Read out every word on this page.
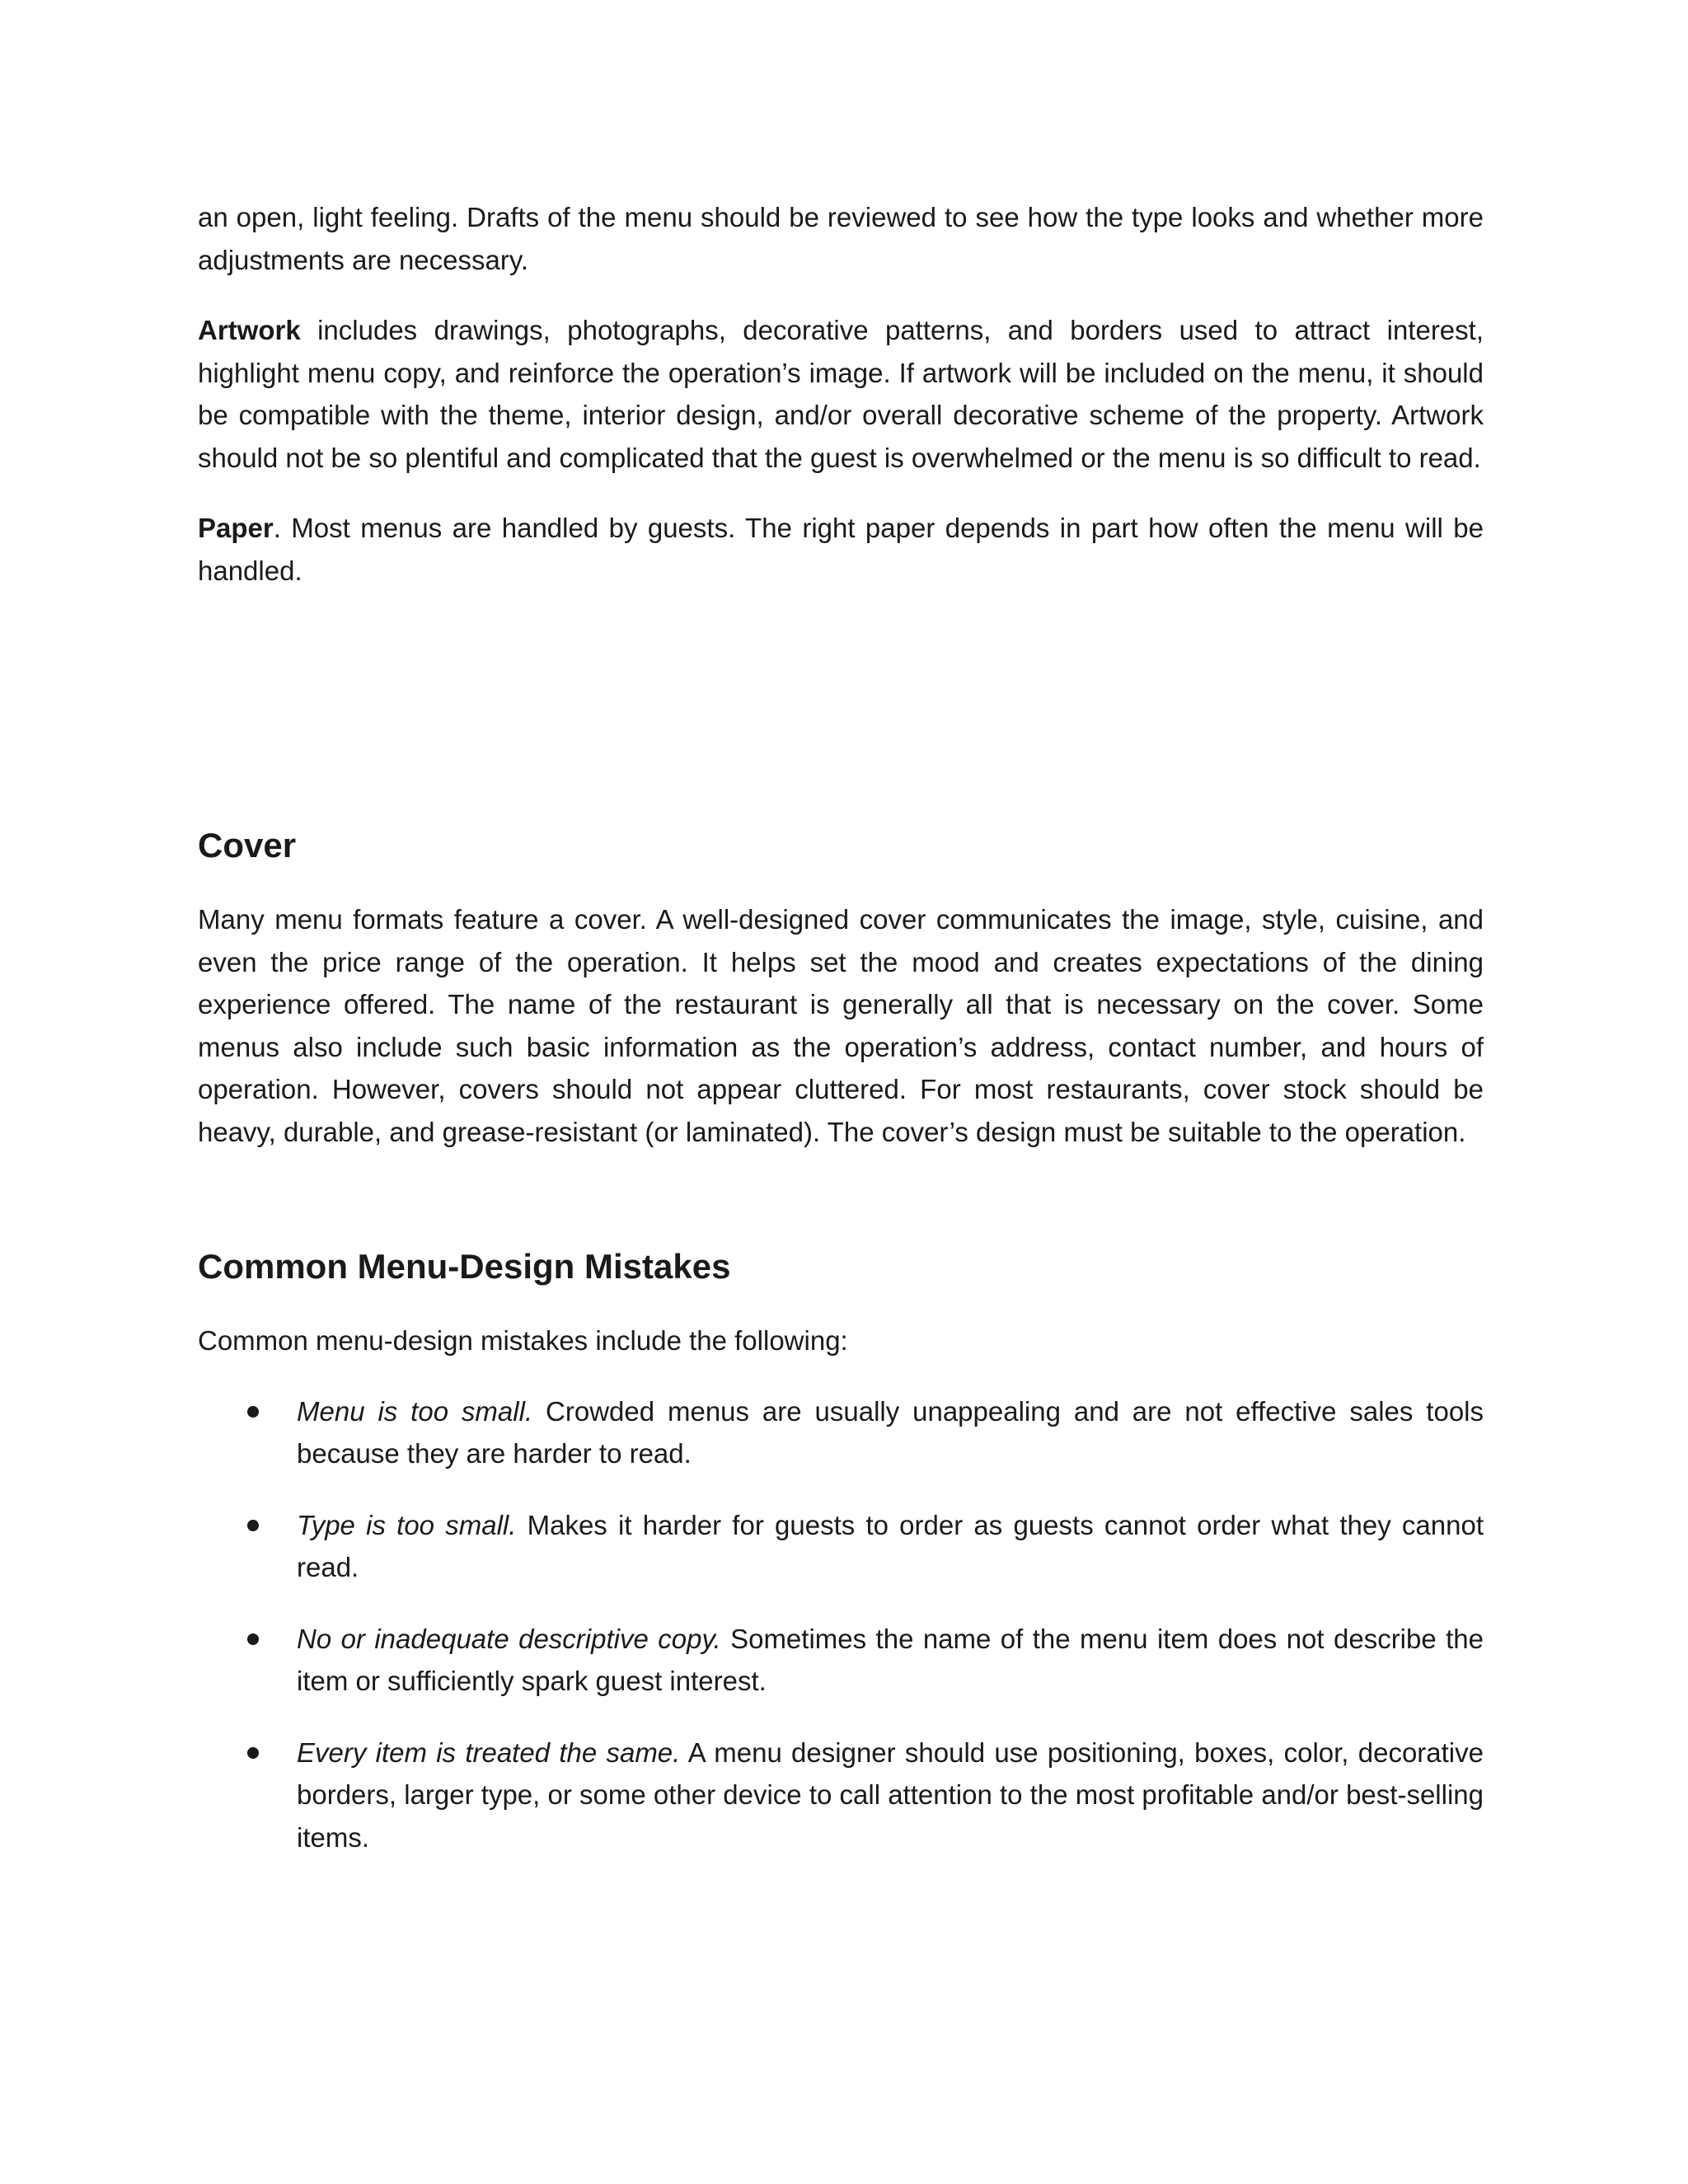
an open, light feeling. Drafts of the menu should be reviewed to see how the type looks and whether more adjustments are necessary.

Artwork includes drawings, photographs, decorative patterns, and borders used to attract interest, highlight menu copy, and reinforce the operation’s image. If artwork will be included on the menu, it should be compatible with the theme, interior design, and/or overall decorative scheme of the property. Artwork should not be so plentiful and complicated that the guest is overwhelmed or the menu is so difficult to read.

Paper. Most menus are handled by guests. The right paper depends in part how often the menu will be handled.

Cover

Many menu formats feature a cover. A well-designed cover communicates the image, style, cuisine, and even the price range of the operation. It helps set the mood and creates expectations of the dining experience offered. The name of the restaurant is generally all that is necessary on the cover. Some menus also include such basic information as the operation’s address, contact number, and hours of operation. However, covers should not appear cluttered. For most restaurants, cover stock should be heavy, durable, and grease-resistant (or laminated). The cover’s design must be suitable to the operation.

Common Menu-Design Mistakes

Common menu-design mistakes include the following:

Menu is too small. Crowded menus are usually unappealing and are not effective sales tools because they are harder to read.
Type is too small. Makes it harder for guests to order as guests cannot order what they cannot read.
No or inadequate descriptive copy. Sometimes the name of the menu item does not describe the item or sufficiently spark guest interest.
Every item is treated the same. A menu designer should use positioning, boxes, color, decorative borders, larger type, or some other device to call attention to the most profitable and/or best-selling items.
